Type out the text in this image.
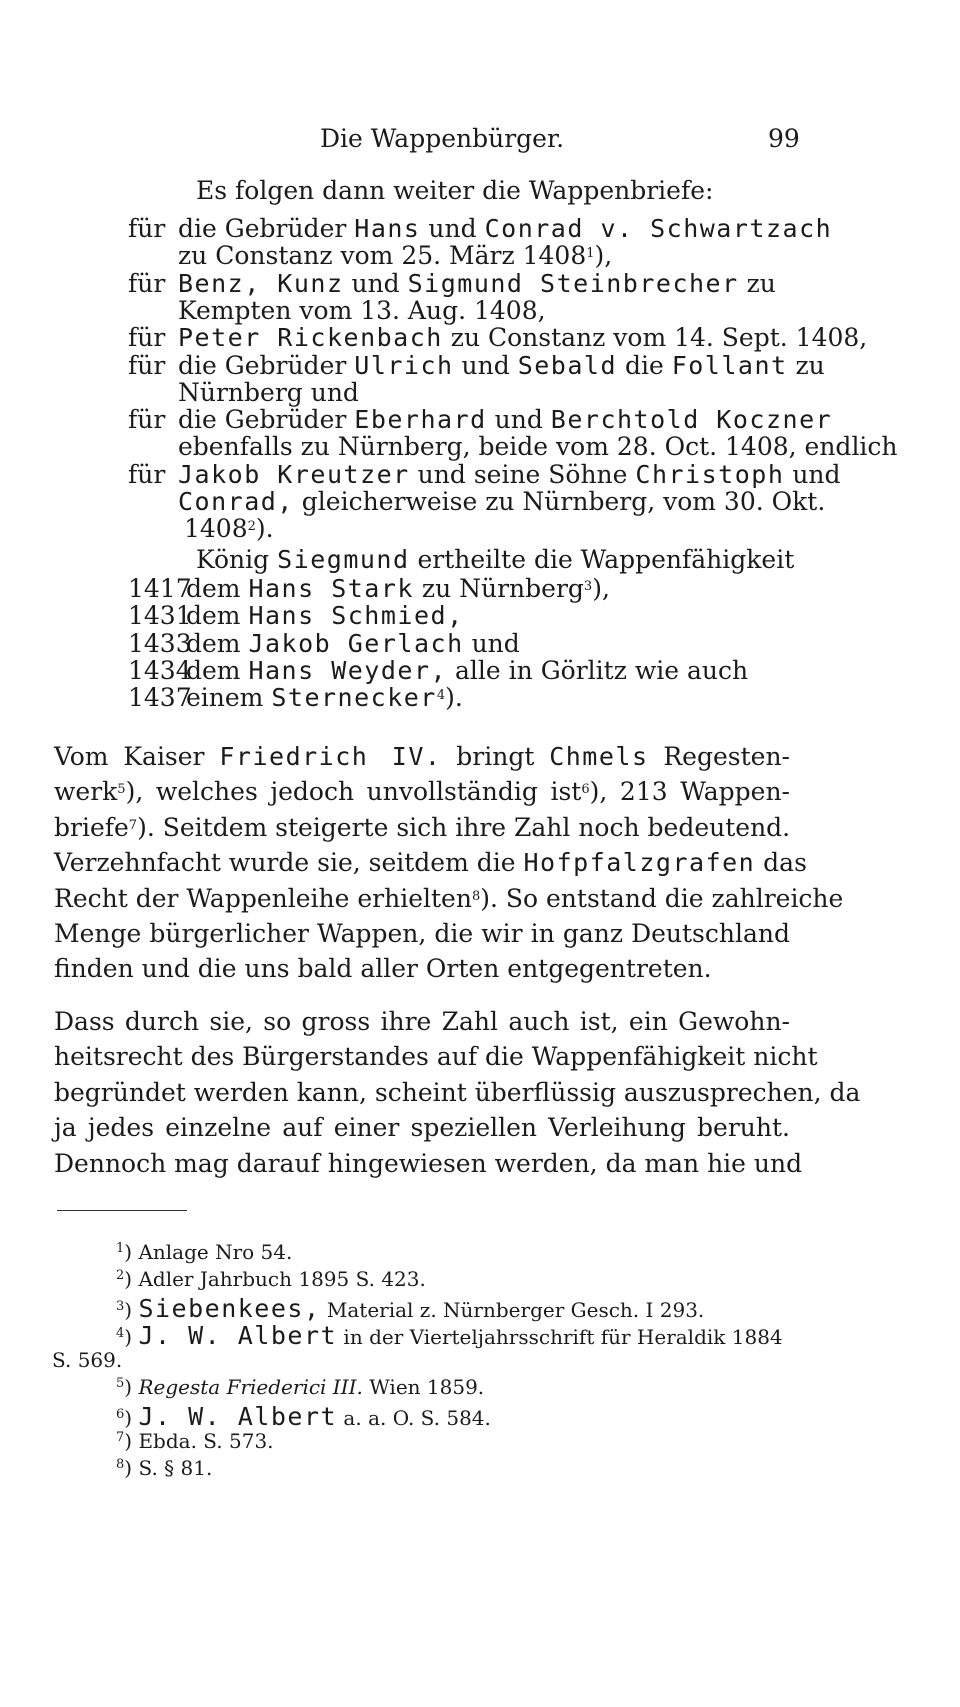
Die Wappenbürger.	99
Es folgen dann weiter die Wappenbriefe:
für die Gebrüder Hans und Conrad v. Schwartzach
zu Constanz vom 25. März 1408$^1$),
für Benz, Kunz und Sigmund Steinbrecher zu
Kempten vom 13. Aug. 1408,
für Peter Rickenbach zu Constanz vom 14. Sept. 1408,
für die Gebrüder Ulrich und Sebald die Follant zu
Nürnberg und
für die Gebrüder Eberhard und Berchtold Koczner
ebenfalls zu Nürnberg, beide vom 28. Oct. 1408, endlich
für Jakob Kreutzer und seine Söhne Christoph und
Conrad, gleicherweise zu Nürnberg, vom 30. Okt.
1408$^2$).
König Siegmund ertheilte die Wappenfähigkeit
1417
dem Hans Stark zu Nürnberg$^3$),
1431
dem Hans Schmied,
1433
dem Jakob Gerlach und
1434
dem Hans Weyder, alle in Görlitz wie auch
1437
einem Sternecker$^4$).
Vom Kaiser Friedrich IV. bringt Chmels Regesten-
werk$^5$), welches jedoch unvollständig ist$^6$), 213 Wappen-
briefe$^7$). Seitdem steigerte sich ihre Zahl noch bedeutend.
Verzehnfacht wurde sie, seitdem die Hofpfalzgrafen das
Recht der Wappenleihe erhielten$^8$). So entstand die zahlreiche
Menge bürgerlicher Wappen, die wir in ganz Deutschland
finden und die uns bald aller Orten entgegentreten.
Dass durch sie, so gross ihre Zahl auch ist, ein Gewohn-
heitsrecht des Bürgerstandes auf die Wappenfähigkeit nicht
begründet werden kann, scheint überflüssig auszusprechen, da
ja jedes einzelne auf einer speziellen Verleihung beruht.
Dennoch mag darauf hingewiesen werden, da man hie und
$^1$) Anlage Nro 54.
$^2$) Adler Jahrbuch 1895 S. 423.
$^3$) Siebenkees, Material z. Nürnberger Gesch. I 293.
$^4$) J. W. Albert in der Vierteljahrsschrift für Heraldik 1884
S. 569.
$^5$) Regesta Friederici III. Wien 1859.
$^6$) J. W. Albert a. a. O. S. 584.
$^7$) Ebda. S. 573.
$^8$) S. § 81.
